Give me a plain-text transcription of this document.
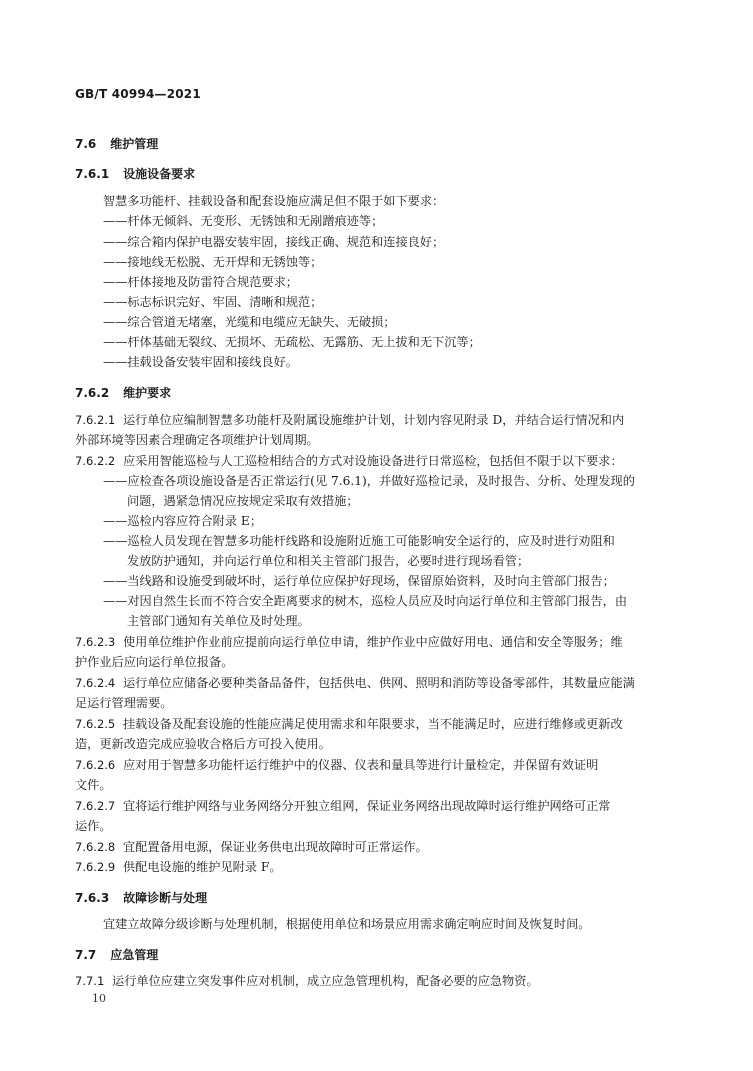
GB/T 40994—2021
7.6 维护管理
7.6.1 设施设备要求
智慧多功能杆、挂载设备和配套设施应满足但不限于如下要求：
——杆体无倾斜、无变形、无锈蚀和无剐蹭痕迹等；
——综合箱内保护电器安装牢固，接线正确、规范和连接良好；
——接地线无松脱、无开焊和无锈蚀等；
——杆体接地及防雷符合规范要求；
——标志标识完好、牢固、清晰和规范；
——综合管道无堵塞，光缆和电缆应无缺失、无破损；
——杆体基础无裂纹、无损坏、无疏松、无露筋、无上拔和无下沉等；
——挂载设备安装牢固和接线良好。
7.6.2 维护要求
7.6.2.1 运行单位应编制智慧多功能杆及附属设施维护计划，计划内容见附录 D，并结合运行情况和内
外部环境等因素合理确定各项维护计划周期。
7.6.2.2 应采用智能巡检与人工巡检相结合的方式对设施设备进行日常巡检，包括但不限于以下要求：
——应检查各项设施设备是否正常运行(见 7.6.1)，并做好巡检记录，及时报告、分析、处理发现的
问题，遇紧急情况应按规定采取有效措施；
——巡检内容应符合附录 E；
——巡检人员发现在智慧多功能杆线路和设施附近施工可能影响安全运行的，应及时进行劝阻和
发放防护通知，并向运行单位和相关主管部门报告，必要时进行现场看管；
——当线路和设施受到破坏时，运行单位应保护好现场，保留原始资料，及时向主管部门报告；
——对因自然生长而不符合安全距离要求的树木，巡检人员应及时向运行单位和主管部门报告，由
主管部门通知有关单位及时处理。
7.6.2.3 使用单位维护作业前应提前向运行单位申请，维护作业中应做好用电、通信和安全等服务；维
护作业后应向运行单位报备。
7.6.2.4 运行单位应储备必要种类备品备件，包括供电、供网、照明和消防等设备零部件，其数量应能满
足运行管理需要。
7.6.2.5 挂载设备及配套设施的性能应满足使用需求和年限要求，当不能满足时，应进行维修或更新改
造，更新改造完成应验收合格后方可投入使用。
7.6.2.6 应对用于智慧多功能杆运行维护中的仪器、仪表和量具等进行计量检定，并保留有效证明
文件。
7.6.2.7 宜将运行维护网络与业务网络分开独立组网，保证业务网络出现故障时运行维护网络可正常
运作。
7.6.2.8 宜配置备用电源，保证业务供电出现故障时可正常运作。
7.6.2.9 供配电设施的维护见附录 F。
7.6.3 故障诊断与处理
宜建立故障分级诊断与处理机制，根据使用单位和场景应用需求确定响应时间及恢复时间。
7.7 应急管理
7.7.1 运行单位应建立突发事件应对机制，成立应急管理机构，配备必要的应急物资。
10
